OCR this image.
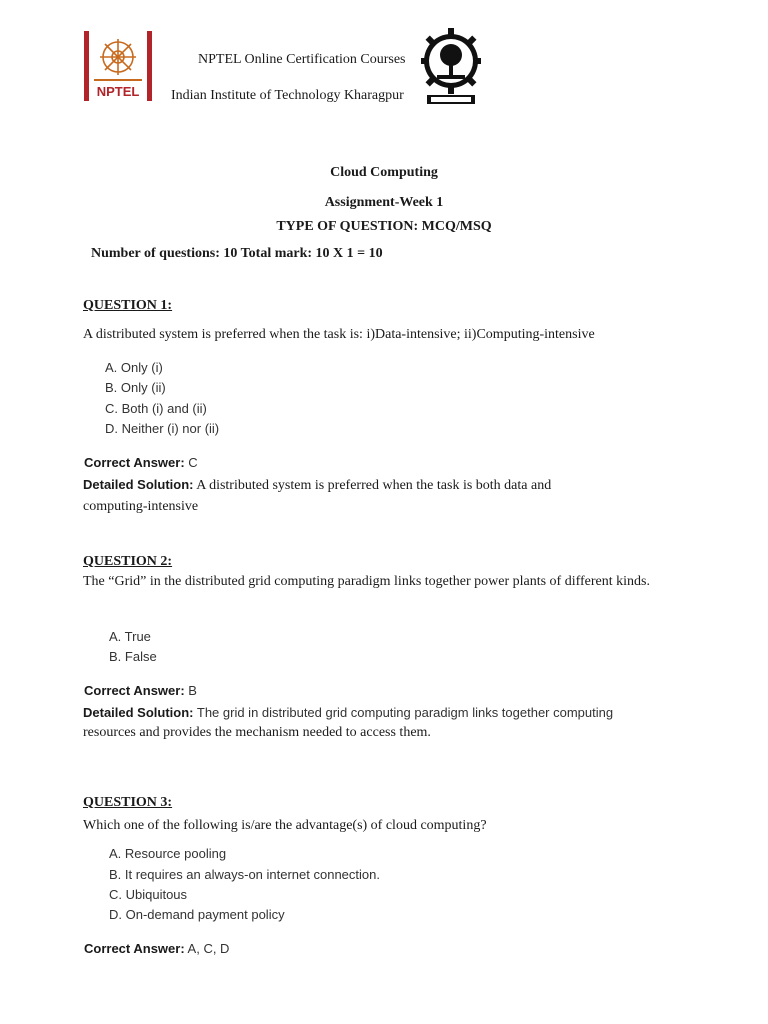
NPTEL
NPTEL Online Certification Courses
Indian Institute of Technology Kharagpur
Cloud Computing
Assignment-Week 1
TYPE OF QUESTION: MCQ/MSQ
Number of questions: 10 Total mark: 10 X 1 = 10
QUESTION 1:
A distributed system is preferred when the task is: i)Data-intensive; ii)Computing-intensive
A. Only (i)
B. Only (ii)
C. Both (i) and (ii)
D. Neither (i) nor (ii)
Correct Answer: C
Detailed Solution: A distributed system is preferred when the task is both data and computing-intensive
QUESTION 2:
The “Grid” in the distributed grid computing paradigm links together power plants of different kinds.
A. True
B. False
Correct Answer: B
Detailed Solution: The grid in distributed grid computing paradigm links together computing
resources and provides the mechanism needed to access them.
QUESTION 3:
Which one of the following is/are the advantage(s) of cloud computing?
A. Resource pooling
B. It requires an always-on internet connection.
C. Ubiquitous
D. On-demand payment policy
Correct Answer: A, C, D
